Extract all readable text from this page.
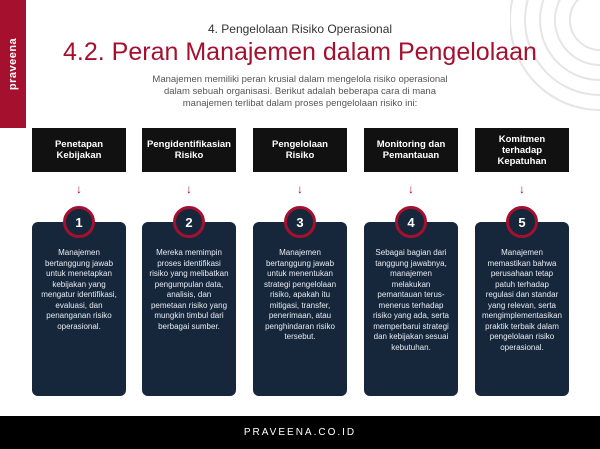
praveena
4. Pengelolaan Risiko Operasional
4.2. Peran Manajemen dalam Pengelolaan

Manajemen memiliki peran krusial dalam mengelola risiko operasional dalam sebuah organisasi. Berikut adalah beberapa cara di mana manajemen terlibat dalam proses pengelolaan risiko ini:

Penetapan Kebijakan
↓
Manajemen bertanggung jawab untuk menetapkan kebijakan yang mengatur identifikasi, evaluasi, dan penanganan risiko operasional.
1
Pengidentifikasian Risiko
↓
Mereka memimpin proses identifikasi risiko yang melibatkan pengumpulan data, analisis, dan pemetaan risiko yang mungkin timbul dari berbagai sumber.
2
Pengelolaan Risiko
↓
Manajemen bertanggung jawab untuk menentukan strategi pengelolaan risiko, apakah itu mitigasi, transfer, penerimaan, atau penghindaran risiko tersebut.
3
Monitoring dan Pemantauan
↓
Sebagai bagian dari tanggung jawabnya, manajemen melakukan pemantauan terus-menerus terhadap risiko yang ada, serta memperbarui strategi dan kebijakan sesuai kebutuhan.
4
Komitmen terhadap Kepatuhan
↓
Manajemen memastikan bahwa perusahaan tetap patuh terhadap regulasi dan standar yang relevan, serta mengimplementasikan praktik terbaik dalam pengelolaan risiko operasional.
5
PRAVEENA.CO.ID
